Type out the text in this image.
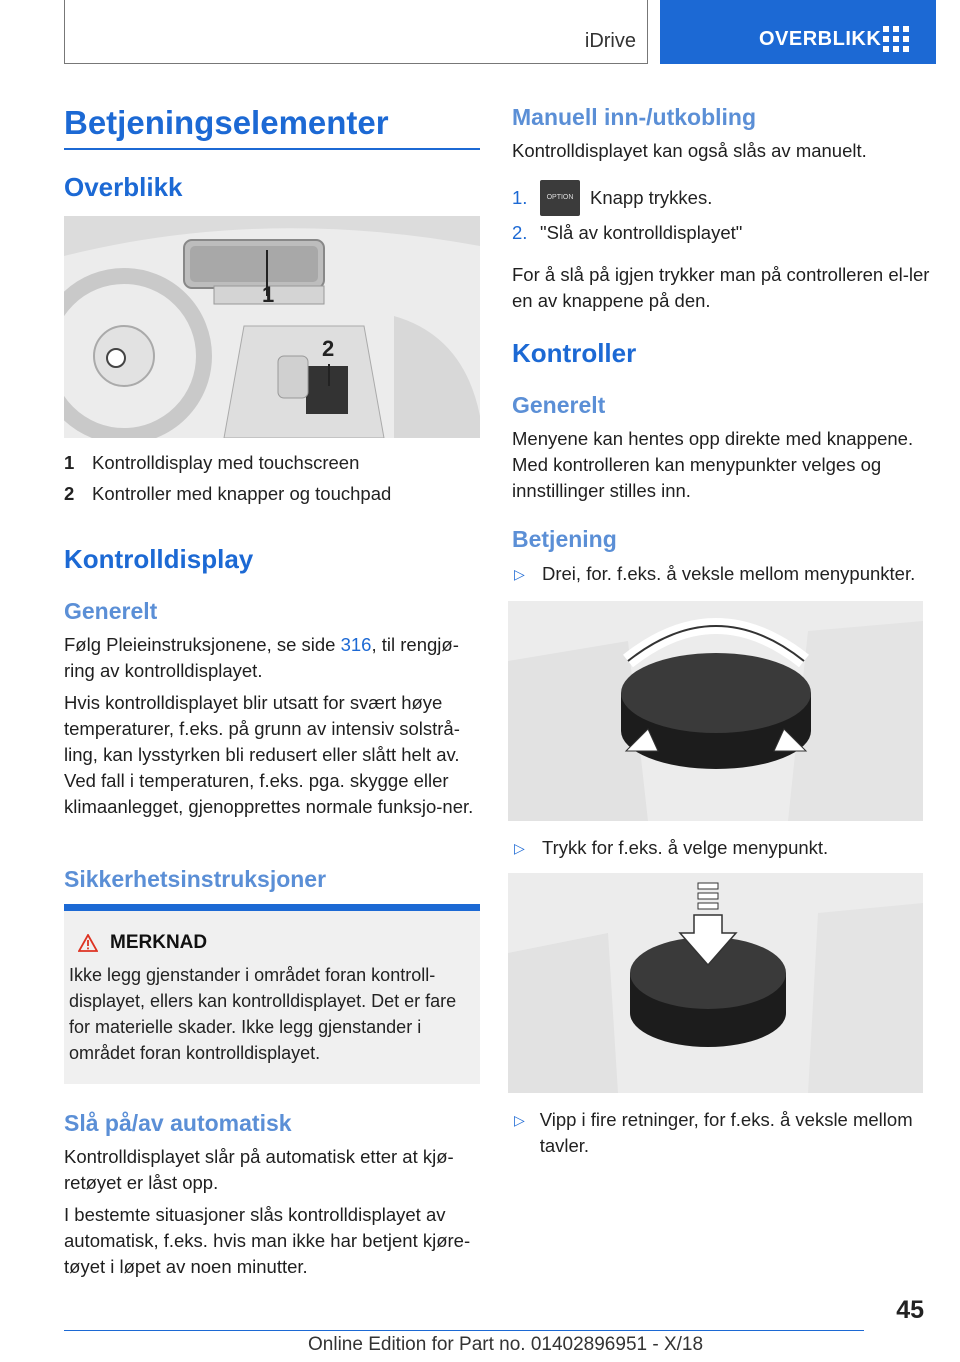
iDrive	OVERBLIKK
Betjeningselementer
Overblikk
1
2
1 Kontrolldisplay med touchscreen
2 Kontroller med knapper og touchpad
Kontrolldisplay
Generelt
Følg Pleieinstruksjonene, se side 316, til rengjø-ring av kontrolldisplayet.
Hvis kontrolldisplayet blir utsatt for svært høye temperaturer, f.eks. på grunn av intensiv solstrå-ling, kan lysstyrken bli redusert eller slått helt av. Ved fall i temperaturen, f.eks. pga. skygge eller klimaanlegget, gjenopprettes normale funksjo-ner.
Sikkerhetsinstruksjoner
MERKNAD
Ikke legg gjenstander i området foran kontroll-displayet, ellers kan kontrolldisplayet. Det er fare for materielle skader. Ikke legg gjenstander i området foran kontrolldisplayet.
Slå på/av automatisk
Kontrolldisplayet slår på automatisk etter at kjø-retøyet er låst opp.
I bestemte situasjoner slås kontrolldisplayet av automatisk, f.eks. hvis man ikke har betjent kjøre-tøyet i løpet av noen minutter.
Manuell inn-/utkobling
Kontrolldisplayet kan også slås av manuelt.
1.	OPTION Knapp trykkes.
2. "Slå av kontrolldisplayet"
For å slå på igjen trykker man på controlleren el-ler en av knappene på den.
Kontroller
Generelt
Menyene kan hentes opp direkte med knappene. Med kontrolleren kan menypunkter velges og innstillinger stilles inn.
Betjening
▷ Drei, for. f.eks. å veksle mellom menypunkter.
▷ Trykk for f.eks. å velge menypunkt.
▷ Vipp i fire retninger, for f.eks. å veksle mellom tavler.
45
Online Edition for Part no. 01402896951 - X/18
